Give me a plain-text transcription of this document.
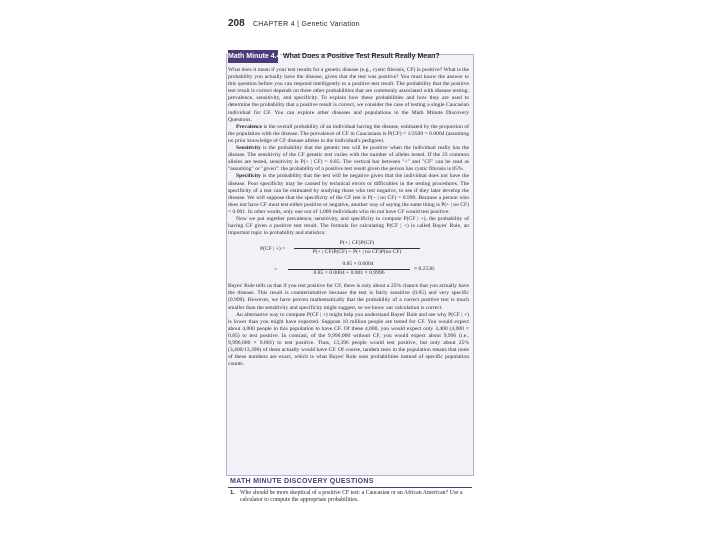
208 CHAPTER 4 | Genetic Variation
Math Minute 4.4 What Does a Positive Test Result Really Mean?

What does it mean if your test results for a genetic disease (e.g., cystic fibrosis, CF) is positive? What is the probability you actually have the disease, given that the test was positive? You must know the answer to this question before you can respond intelligently to a positive test result. The probability that the positive test result is correct depends on three other probabilities that are commonly associated with disease testing: prevalence, sensitivity, and specificity. To explain how these probabilities and how they are used to determine the probability that a positive result is correct, we consider the case of testing a single Caucasian individual for CF. You can explore other diseases and populations in the Math Minute Discovery Questions.

Prevalence is the overall probability of an individual having the disease, estimated by the proportion of the population with the disease. The prevalence of CF in Caucasians is P(CF) = 1/2500 = 0.0004 (assuming no prior knowledge of CF disease alleles in the individual's pedigree).

Sensitivity is the probability that the genetic test will be positive when the individual really has the disease. The sensitivity of the CF genetic test varies with the number of alleles tested. If the 23 common alleles are tested, sensitivity is P(+ | CF) = 0.85. The vertical bar between "+" and "CF" can be read as "assuming" or "given": the probability of a positive test result given the person has cystic fibrosis is 85%.

Specificity is the probability that the test will be negative given that the individual does not have the disease. Poor specificity may be caused by technical errors or difficulties in the testing procedures. The specificity of a test can be estimated by studying those who test negative, to see if they later develop the disease. We will suppose that the specificity of the CF test is P(− | no CF) = 0.999. Because a person who does not have CF must test either positive or negative, another way of saying the same thing is P(+ | no CF) = 0.001. In other words, only one out of 1,000 individuals who do not have CF would test positive.

Now we put together prevalence, sensitivity, and specificity to compute P(CF | +), the probability of having CF given a positive test result. The formula for calculating P(CF | +) is called Bayes' Rule, an important topic in probability and statistics:

P(CF | +) =
P(+ | CF)P(CF)
P(+ | CF)P(CF) + P(+ | no CF)P(no CF)
=
0.85 × 0.0004
0.85 × 0.0004 + 0.001 × 0.9996
≈ 0.2538.

Bayes' Rule tells us that if you test positive for CF, there is only about a 25% chance that you actually have the disease. This result is counterintuitive because the test is fairly sensitive (0.85) and very specific (0.999). However, we have proven mathematically that the probability of a correct positive test is much smaller than the sensitivity and specificity might suggest, so we know our calculation is correct.

An alternative way to compute P(CF | +) might help you understand Bayes' Rule and see why P(CF | +) is lower than you might have expected. Suppose 10 million people are tested for CF. You would expect about 4,000 people in this population to have CF. Of these 4,000, you would expect only 3,400 (4,000 × 0.85) to test positive. In contrast, of the 9,996,000 without CF, you would expect about 9,996 (i.e., 9,996,000 × 0.001) to test positive. Thus, 13,396 people would test positive, but only about 25% (3,400/13,396) of them actually would have CF. Of course, tandem tests in the population means that none of these numbers are exact, which is what Bayes' Rule uses probabilities instead of specific population counts.

MATH MINUTE DISCOVERY QUESTIONS
1. Who should be more skeptical of a positive CF test: a Caucasian or an African American? Use a calculator to compute the appropriate probabilities.
